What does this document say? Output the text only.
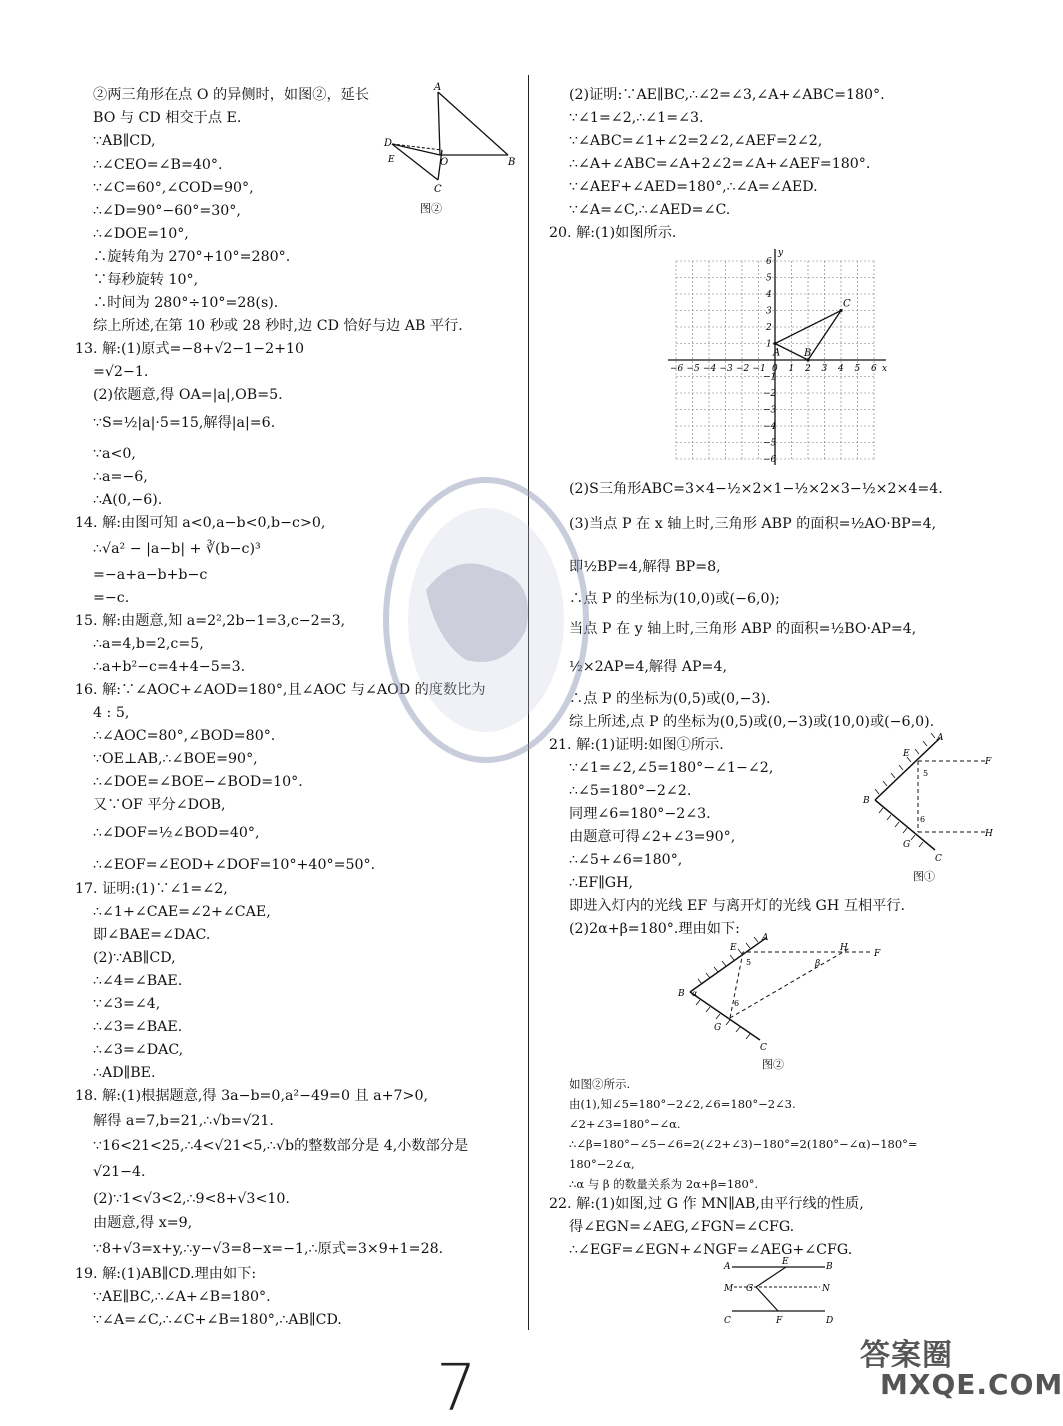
②两三角形在点 O 的异侧时，如图②，延长
BO 与 CD 相交于点 E.
∵AB∥CD,
∴∠CEO=∠B=40°.
∵∠C=60°,∠COD=90°,
∴∠D=90°−60°=30°,
∴∠DOE=10°,
∴旋转角为 270°+10°=280°.
∵每秒旋转 10°,
∴时间为 280°÷10°=28(s).
综上所述,在第 10 秒或 28 秒时,边 CD 恰好与边 AB 平行.
13. 解:(1)原式=−8+√2−1−2+10
=√2−1.
(2)依题意,得 OA=|a|,OB=5.
∵S=½|a|·5=15,解得|a|=6.
∵a<0,
∴a=−6,
∴A(0,−6).
14. 解:由图可知 a<0,a−b<0,b−c>0,
∴√a² − |a−b| + ∛(b−c)³
=−a+a−b+b−c
=−c.
15. 解:由题意,知 a=2²,2b−1=3,c−2=3,
∴a=4,b=2,c=5,
∴a+b²−c=4+4−5=3.
16. 解:∵∠AOC+∠AOD=180°,且∠AOC 与∠AOD 的度数比为
4 : 5,
∴∠AOC=80°,∠BOD=80°.
∵OE⊥AB,∴∠BOE=90°,
∴∠DOE=∠BOE−∠BOD=10°.
又∵OF 平分∠DOB,
∴∠DOF=½∠BOD=40°,
∴∠EOF=∠EOD+∠DOF=10°+40°=50°.
17. 证明:(1)∵∠1=∠2,
∴∠1+∠CAE=∠2+∠CAE,
即∠BAE=∠DAC.
(2)∵AB∥CD,
∴∠4=∠BAE.
∵∠3=∠4,
∴∠3=∠BAE.
∴∠3=∠DAC,
∴AD∥BE.
18. 解:(1)根据题意,得 3a−b=0,a²−49=0 且 a+7>0,
解得 a=7,b=21,∴√b=√21.
∵16<21<25,∴4<√21<5,∴√b的整数部分是 4,小数部分是
√21−4.
(2)∵1<√3<2,∴9<8+√3<10.
由题意,得 x=9,
∵8+√3=x+y,∴y−√3=8−x=−1,∴原式=3×9+1=28.
19. 解:(1)AB∥CD.理由如下:
∵AE∥BC,∴∠A+∠B=180°.
∵∠A=∠C,∴∠C+∠B=180°,∴AB∥CD.
A
B
D
E	O
C
图②
(2)证明:∵AE∥BC,∴∠2=∠3,∠A+∠ABC=180°.
∵∠1=∠2,∴∠1=∠3.
∵∠ABC=∠1+∠2=2∠2,∠AEF=2∠2,
∴∠A+∠ABC=∠A+2∠2=∠A+∠AEF=180°.
∵∠AEF+∠AED=180°,∴∠A=∠AED.
∵∠A=∠C,∴∠AED=∠C.
20. 解:(1)如图所示.
(2)S三角形ABC=3×4−½×2×1−½×2×3−½×2×4=4.
(3)当点 P 在 x 轴上时,三角形 ABP 的面积=½AO·BP=4,
即½BP=4,解得 BP=8,
∴点 P 的坐标为(10,0)或(−6,0);
当点 P 在 y 轴上时,三角形 ABP 的面积=½BO·AP=4,
½×2AP=4,解得 AP=4,
∴点 P 的坐标为(0,5)或(0,−3).
综上所述,点 P 的坐标为(0,5)或(0,−3)或(10,0)或(−6,0).
21. 解:(1)证明:如图①所示.
∵∠1=∠2,∠5=180°−∠1−∠2,
∴∠5=180°−2∠2.
同理∠6=180°−2∠3.
由题意可得∠2+∠3=90°,
∴∠5+∠6=180°,
∴EF∥GH,
即进入灯内的光线 EF 与离开灯的光线 GH 互相平行.
(2)2α+β=180°.理由如下:
如图②所示.
由(1),知∠5=180°−2∠2,∠6=180°−2∠3.
∠2+∠3=180°−∠α.
∴∠β=180°−∠5−∠6=2(∠2+∠3)−180°=2(180°−∠α)−180°=
180°−2∠α,
∴α 与 β 的数量关系为 2α+β=180°.
22. 解:(1)如图,过 G 作 MN∥AB,由平行线的性质,
得∠EGN=∠AEG,∠FGN=∠CFG.
∴∠EGF=∠EGN+∠NGF=∠AEG+∠CFG.
−6 −5 −4 −3 −2 −1 0 1 2 3 4 5 6
−6
−5
−4
−3
−2
−1
1
2
3
4
5
6
x
y
A B
C
A
E
F
B
5
6
G
H
C
图①
A
E	H
F
β
B α
5
6
G
C
图②
A	E	B
M G	N
C	F	D
7	答案圈
MXQE.COM
